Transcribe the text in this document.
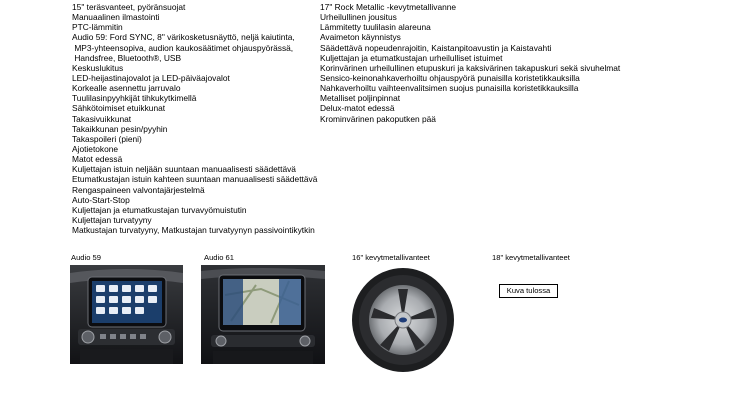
15" teräsvanteet, pyöränsuojat
Manuaalinen ilmastointi
PTC-lämmitin
Audio 59: Ford SYNC, 8" värikosketusnäyttö, neljä kaiutinta,
MP3-yhteensopiva, audion kaukosäätimet ohjauspyörässä,
Handsfree, Bluetooth®, USB
Keskuslukitus
LED-heijastinajovalot ja LED-päiväajovalot
Korkealle asennettu jarruvalo
Tuulilasinpyyhkijät tihkukytkimellä
Sähkötoimiset etuikkunat
Takasivuikkunat
Takaikkunan pesin/pyyhin
Takaspoileri (pieni)
Ajotietokone
Matot edessä
Kuljettajan istuin neljään suuntaan manuaalisesti säädettävä
Etumatkustajan istuin kahteen suuntaan manuaalisesti säädettävä
Rengaspaineen valvontajärjestelmä
Auto-Start-Stop
Kuljettajan ja etumatkustajan turvavyömuistutin
Kuljettajan turvatyyny
Matkustajan turvatyyny, Matkustajan turvatyynyn passivointikytkin
17" Rock Metallic -kevytmetallivanne
Urheilullinen jousitus
Lämmitetty tuulilasin alareuna
Avaimeton käynnistys
Säädettävä nopeudenrajoitin, Kaistanpitoavustin ja Kaistavahti
Kuljettajan ja etumatkustajan urheilulliset istuimet
Korinvärinen urheilullinen etupuskuri ja kaksivärinen takapuskuri sekä sivuhelmat
Sensico-keinonahkaverhoiltu ohjauspyörä punaisilla koristetikkauksilla
Nahkaverhoiltu vaihteenvalitsimen suojus punaisilla koristetikkauksilla
Metalliset poljinpinnat
Delux-matot edessä
Krominvärinen pakoputken pää
Audio 59	Audio 61	16" kevytmetallivanteet	18" kevytmetallivanteet
Kuva tulossa
